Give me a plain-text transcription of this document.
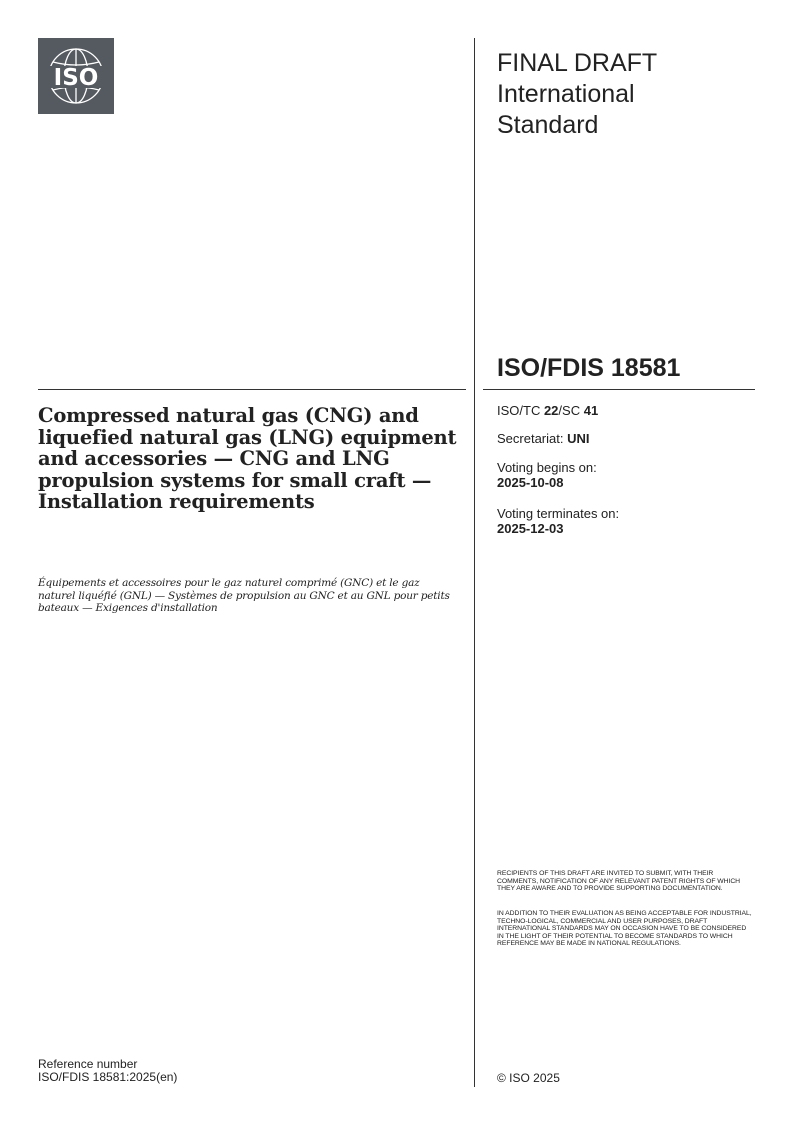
ISO
FINAL DRAFT
International
Standard
ISO/FDIS 18581
Compressed natural gas (CNG) and liquefied natural gas (LNG) equipment and accessories — CNG and LNG propulsion systems for small craft — Installation requirements
Équipements et accessoires pour le gaz naturel comprimé (GNC) et le gaz naturel liquéfié (GNL) — Systèmes de propulsion au GNC et au GNL pour petits bateaux — Exigences d'installation
ISO/TC 22/SC 41
Secretariat: UNI
Voting begins on:
2025-10-08
Voting terminates on:
2025-12-03
RECIPIENTS OF THIS DRAFT ARE INVITED TO SUBMIT, WITH THEIR COMMENTS, NOTIFICATION OF ANY RELEVANT PATENT RIGHTS OF WHICH THEY ARE AWARE AND TO PROVIDE SUPPORTING DOCUMENTATION.
IN ADDITION TO THEIR EVALUATION AS BEING ACCEPTABLE FOR INDUSTRIAL, TECHNO-LOGICAL, COMMERCIAL AND USER PURPOSES, DRAFT INTERNATIONAL STANDARDS MAY ON OCCASION HAVE TO BE CONSIDERED IN THE LIGHT OF THEIR POTENTIAL TO BECOME STANDARDS TO WHICH REFERENCE MAY BE MADE IN NATIONAL REGULATIONS.
Reference number
ISO/FDIS 18581:2025(en)	© ISO 2025
